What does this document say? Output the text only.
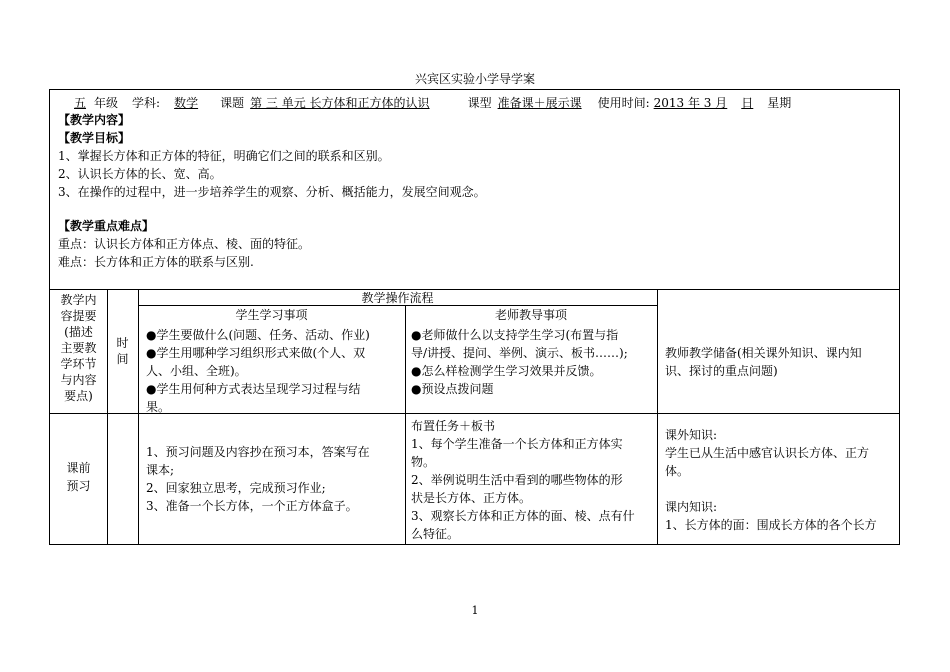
兴宾区实验小学导学案
五 年级 学科: 数学 课题 第 三 单元 长方体和正方体的认识	课型 准备课＋展示课 使用时间: 2013 年 3 月 日 星期
【教学内容】
【教学目标】
1、掌握长方体和正方体的特征，明确它们之间的联系和区别。
2、认识长方体的长、宽、高。
3、在操作的过程中，进一步培养学生的观察、分析、概括能力，发展空间观念。
【教学重点难点】
重点：认识长方体和正方体点、棱、面的特征。
难点：长方体和正方体的联系与区别.
教学内
容提要
(描述
主要教
学环节
与内容
要点)
时
间
教学操作流程
学生学习事项	老师教导事项
●学生要做什么(问题、任务、活动、作业)
●学生用哪种学习组织形式来做(个人、双
人、小组、全班)。
●学生用何种方式表达呈现学习过程与结
果。
●老师做什么以支持学生学习(布置与指
导/讲授、提问、举例、演示、板书……);
●怎么样检测学生学习效果并反馈。
●预设点拨问题
教师教学储备(相关课外知识、课内知
识、探讨的重点问题)
课前
预习
1、预习问题及内容抄在预习本，答案写在
课本;
2、回家独立思考，完成预习作业;
3、准备一个长方体，一个正方体盒子。
布置任务＋板书
1、每个学生准备一个长方体和正方体实
物。
2、举例说明生活中看到的哪些物体的形
状是长方体、正方体。
3、观察长方体和正方体的面、棱、点有什
么特征。
课外知识:
学生已从生活中感官认识长方体、正方
体。
课内知识:
1、长方体的面：围成长方体的各个长方
1
